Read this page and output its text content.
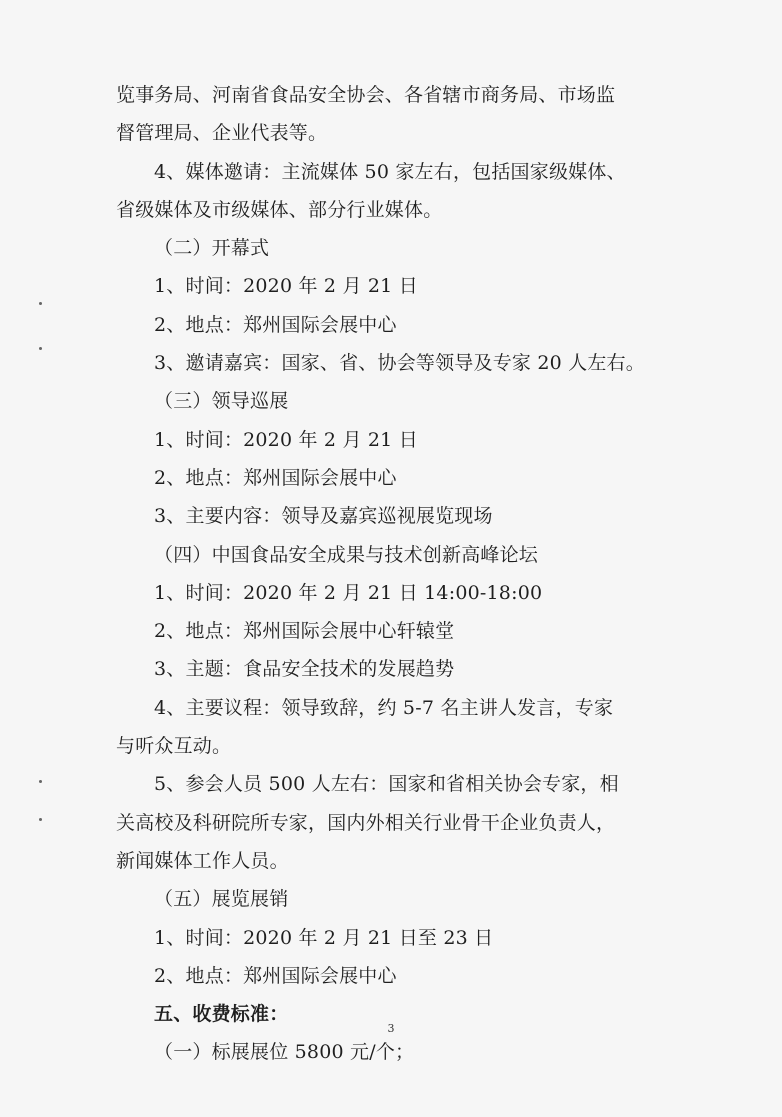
览事务局、河南省食品安全协会、各省辖市商务局、市场监
督管理局、企业代表等。
4、媒体邀请：主流媒体 50 家左右，包括国家级媒体、
省级媒体及市级媒体、部分行业媒体。
（二）开幕式
1、时间：2020 年 2 月 21 日
2、地点：郑州国际会展中心
3、邀请嘉宾：国家、省、协会等领导及专家 20 人左右。
（三）领导巡展
1、时间：2020 年 2 月 21 日
2、地点：郑州国际会展中心
3、主要内容：领导及嘉宾巡视展览现场
（四）中国食品安全成果与技术创新高峰论坛
1、时间：2020 年 2 月 21 日 14:00-18:00
2、地点：郑州国际会展中心轩辕堂
3、主题：食品安全技术的发展趋势
4、主要议程：领导致辞，约 5-7 名主讲人发言，专家
与听众互动。
5、参会人员 500 人左右：国家和省相关协会专家，相
关高校及科研院所专家，国内外相关行业骨干企业负责人，
新闻媒体工作人员。
（五）展览展销
1、时间：2020 年 2 月 21 日至 23 日
2、地点：郑州国际会展中心
五、收费标准：
（一）标展展位 5800 元/个；
3
